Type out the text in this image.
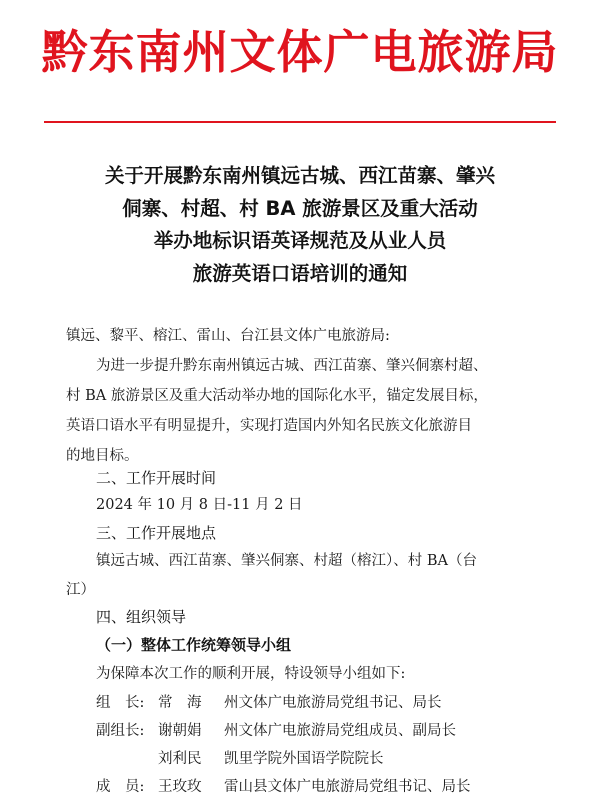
黔东南州文体广电旅游局
关于开展黔东南州镇远古城、西江苗寨、肇兴
侗寨、村超、村 BA 旅游景区及重大活动
举办地标识语英译规范及从业人员
旅游英语口语培训的通知
镇远、黎平、榕江、雷山、台江县文体广电旅游局:
为进一步提升黔东南州镇远古城、西江苗寨、肇兴侗寨村超、
村 BA 旅游景区及重大活动举办地的国际化水平，锚定发展目标，
英语口语水平有明显提升，实现打造国内外知名民族文化旅游目
的地目标。
二、工作开展时间
2024 年 10 月 8 日-11 月 2 日
三、工作开展地点
镇远古城、西江苗寨、肇兴侗寨、村超（榕江）、村 BA（台
江）
四、组织领导
（一）整体工作统筹领导小组
为保障本次工作的顺利开展，特设领导小组如下:
组　长: 常　海 州文体广电旅游局党组书记、局长
副组长: 谢朝娟 州文体广电旅游局党组成员、副局长
刘利民 凯里学院外国语学院院长
成　员: 王玫玫 雷山县文体广电旅游局党组书记、局长
